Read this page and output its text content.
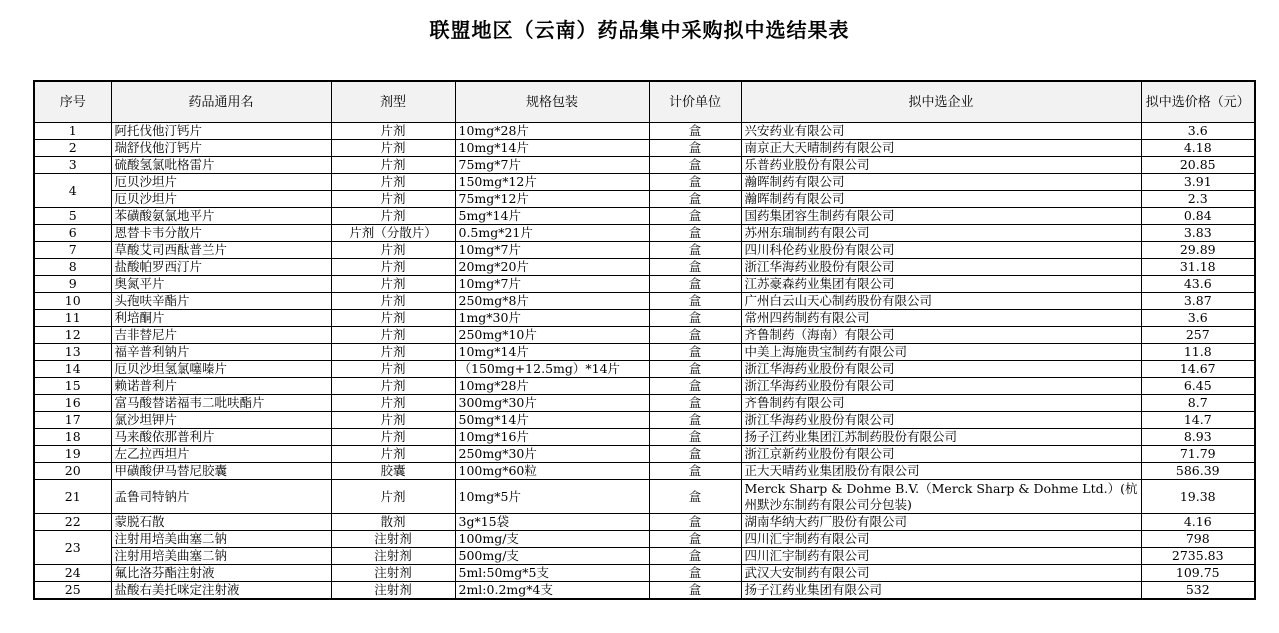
联盟地区（云南）药品集中采购拟中选结果表
序号	药品通用名	剂型	规格包装	计价单位	拟中选企业	拟中选价格（元）
1	阿托伐他汀钙片	片剂	10mg*28片	盒	兴安药业有限公司	3.6
2	瑞舒伐他汀钙片	片剂	10mg*14片	盒	南京正大天晴制药有限公司	4.18
3	硫酸氢氯吡格雷片	片剂	75mg*7片	盒	乐普药业股份有限公司	20.85
4	厄贝沙坦片	片剂	150mg*12片	盒	瀚晖制药有限公司	3.91
	厄贝沙坦片	片剂	75mg*12片	盒	瀚晖制药有限公司	2.3
5	苯磺酸氨氯地平片	片剂	5mg*14片	盒	国药集团容生制药有限公司	0.84
6	恩替卡韦分散片	片剂（分散片）	0.5mg*21片	盒	苏州东瑞制药有限公司	3.83
7	草酸艾司西酞普兰片	片剂	10mg*7片	盒	四川科伦药业股份有限公司	29.89
8	盐酸帕罗西汀片	片剂	20mg*20片	盒	浙江华海药业股份有限公司	31.18
9	奥氮平片	片剂	10mg*7片	盒	江苏豪森药业集团有限公司	43.6
10	头孢呋辛酯片	片剂	250mg*8片	盒	广州白云山天心制药股份有限公司	3.87
11	利培酮片	片剂	1mg*30片	盒	常州四药制药有限公司	3.6
12	吉非替尼片	片剂	250mg*10片	盒	齐鲁制药（海南）有限公司	257
13	福辛普利钠片	片剂	10mg*14片	盒	中美上海施贵宝制药有限公司	11.8
14	厄贝沙坦氢氯噻嗪片	片剂	（150mg+12.5mg）*14片	盒	浙江华海药业股份有限公司	14.67
15	赖诺普利片	片剂	10mg*28片	盒	浙江华海药业股份有限公司	6.45
16	富马酸替诺福韦二吡呋酯片	片剂	300mg*30片	盒	齐鲁制药有限公司	8.7
17	氯沙坦钾片	片剂	50mg*14片	盒	浙江华海药业股份有限公司	14.7
18	马来酸依那普利片	片剂	10mg*16片	盒	扬子江药业集团江苏制药股份有限公司	8.93
19	左乙拉西坦片	片剂	250mg*30片	盒	浙江京新药业股份有限公司	71.79
20	甲磺酸伊马替尼胶囊	胶囊	100mg*60粒	盒	正大天晴药业集团股份有限公司	586.39
21	孟鲁司特钠片	片剂	10mg*5片	盒	Merck Sharp & Dohme B.V.（Merck Sharp & Dohme Ltd.）(杭州默沙东制药有限公司分包装)	19.38
22	蒙脱石散	散剂	3g*15袋	盒	湖南华纳大药厂股份有限公司	4.16
23	注射用培美曲塞二钠	注射剂	100mg/支	盒	四川汇宇制药有限公司	798
	注射用培美曲塞二钠	注射剂	500mg/支	盒	四川汇宇制药有限公司	2735.83
24	氟比洛芬酯注射液	注射剂	5ml:50mg*5支	盒	武汉大安制药有限公司	109.75
25	盐酸右美托咪定注射液	注射剂	2ml:0.2mg*4支	盒	扬子江药业集团有限公司	532
